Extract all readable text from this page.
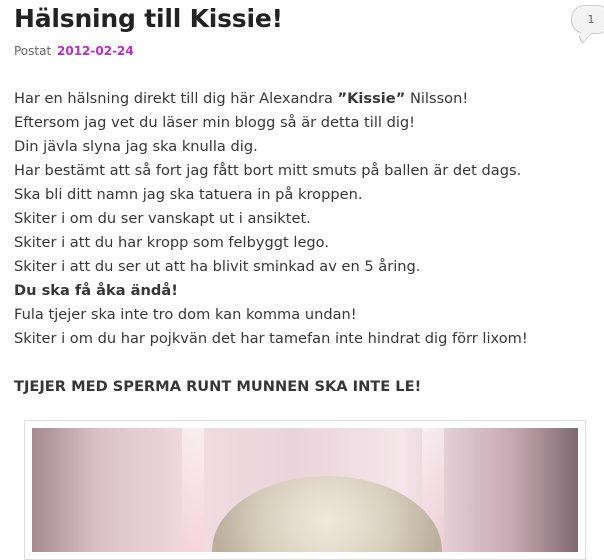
Hälsning till Kissie!
Postat 2012-02-24
1

Har en hälsning direkt till dig här Alexandra ”Kissie” Nilsson!

Eftersom jag vet du läser min blogg så är detta till dig!

Din jävla slyna jag ska knulla dig.

Har bestämt att så fort jag fått bort mitt smuts på ballen är det dags.

Ska bli ditt namn jag ska tatuera in på kroppen.

Skiter i om du ser vanskapt ut i ansiktet.

Skiter i att du har kropp som felbyggt lego.

Skiter i att du ser ut att ha blivit sminkad av en 5 åring.

Du ska få åka ändå!

Fula tjejer ska inte tro dom kan komma undan!

Skiter i om du har pojkvän det har tamefan inte hindrat dig förr lixom!

TJEJER MED SPERMA RUNT MUNNEN SKA INTE LE!
